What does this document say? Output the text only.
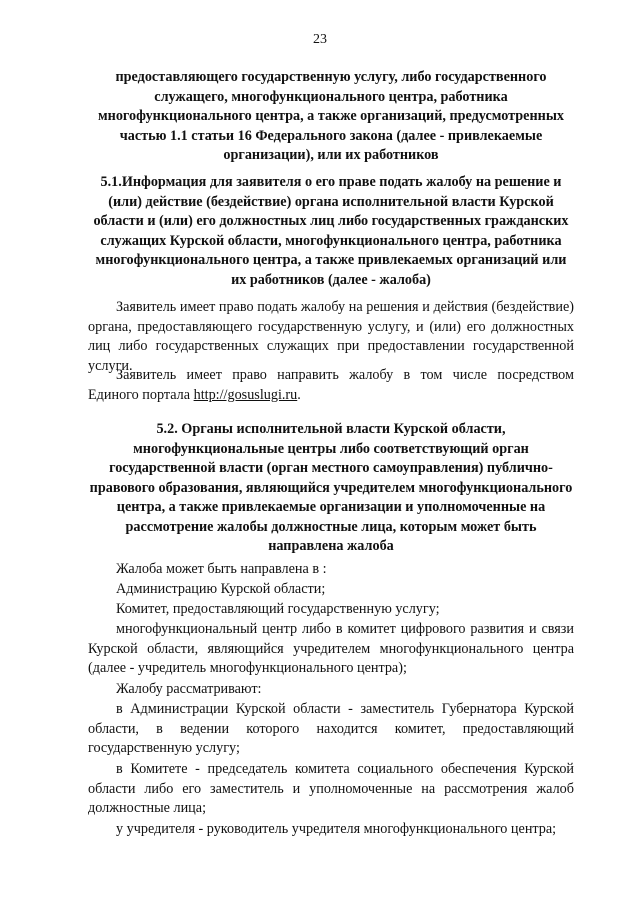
23
предоставляющего государственную услугу, либо государственного служащего, многофункционального центра, работника многофункционального центра, а также организаций, предусмотренных частью 1.1 статьи 16 Федерального закона (далее - привлекаемые организации), или их работников
5.1.Информация для заявителя о его праве подать жалобу на решение и (или) действие (бездействие) органа исполнительной власти Курской области и (или) его должностных лиц либо государственных гражданских служащих Курской области, многофункционального центра, работника многофункционального центра, а также привлекаемых организаций или их работников (далее - жалоба)
Заявитель имеет право подать жалобу на решения и действия (бездействие) органа, предоставляющего государственную услугу, и (или) его должностных лиц либо государственных служащих при предоставлении государственной услуги.
Заявитель имеет право направить жалобу в том числе посредством Единого портала http://gosuslugi.ru.
5.2. Органы исполнительной власти Курской области, многофункциональные центры либо соответствующий орган государственной власти (орган местного самоуправления) публично-правового образования, являющийся учредителем многофункционального центра, а также привлекаемые организации и уполномоченные на рассмотрение жалобы должностные лица, которым может быть направлена жалоба
Жалоба может быть направлена в :
Администрацию Курской области;
Комитет, предоставляющий государственную услугу;
многофункциональный центр либо в комитет цифрового развития и связи Курской области, являющийся учредителем многофункционального центра (далее - учредитель многофункционального центра);
Жалобу рассматривают:
в Администрации Курской области - заместитель Губернатора Курской области, в ведении которого находится комитет, предоставляющий государственную услугу;
в Комитете - председатель комитета социального обеспечения Курской области либо его заместитель и уполномоченные на рассмотрения жалоб должностные лица;
у учредителя - руководитель учредителя многофункционального центра;
